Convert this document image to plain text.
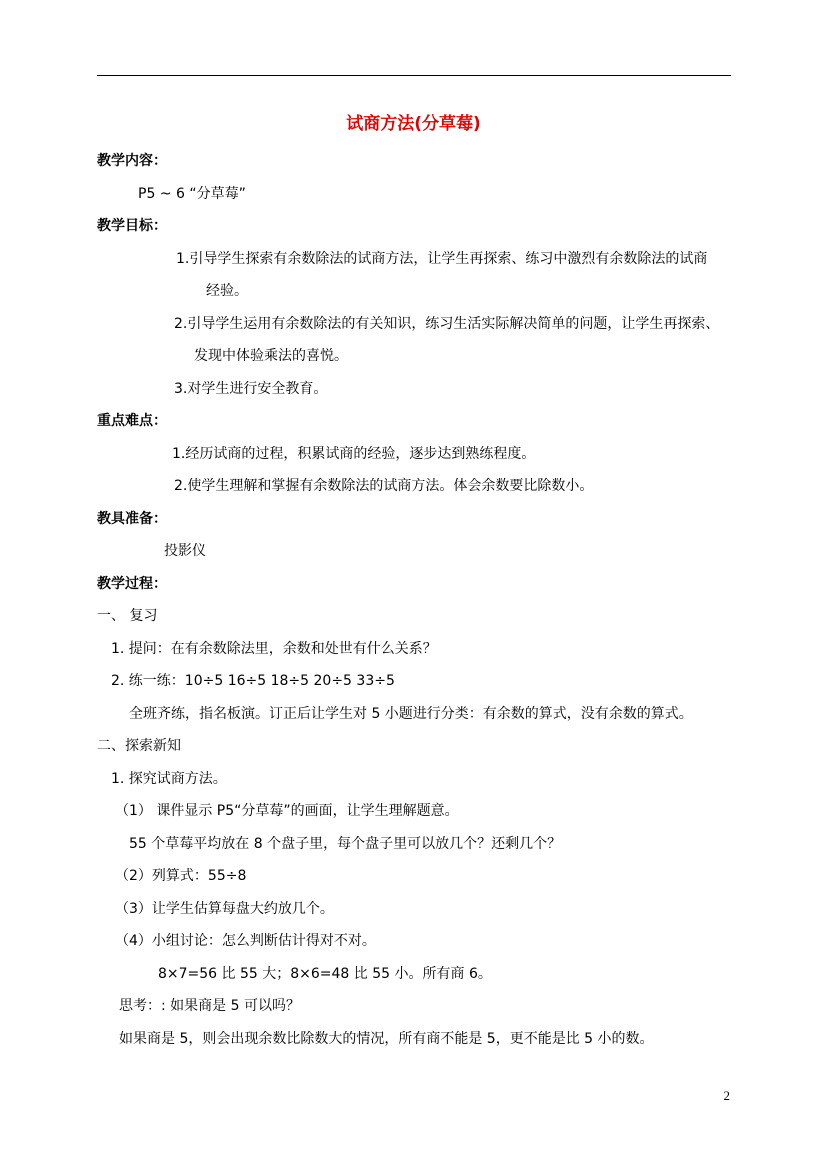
试商方法(分草莓)
教学内容：
P5 ~ 6 “分草莓”
教学目标：
1.引导学生探索有余数除法的试商方法，让学生再探索、练习中激烈有余数除法的试商
经验。
2.引导学生运用有余数除法的有关知识，练习生活实际解决简单的问题，让学生再探索、
发现中体验乘法的喜悦。
3.对学生进行安全教育。
重点难点：
1.经历试商的过程，积累试商的经验，逐步达到熟练程度。
2.使学生理解和掌握有余数除法的试商方法。体会余数要比除数小。
教具准备：
投影仪
教学过程：
一、 复习
1. 提问：在有余数除法里，余数和处世有什么关系？
2. 练一练：10÷5 16÷5 18÷5 20÷5 33÷5
全班齐练，指名板演。订正后让学生对 5 小题进行分类：有余数的算式，没有余数的算式。
二、探索新知
1. 探究试商方法。
（1） 课件显示 P5“分草莓”的画面，让学生理解题意。
55 个草莓平均放在 8 个盘子里，每个盘子里可以放几个？还剩几个？
（2）列算式：55÷8
（3）让学生估算每盘大约放几个。
（4）小组讨论：怎么判断估计得对不对。
8×7=56 比 55 大；8×6=48 比 55 小。所有商 6。
思考：: 如果商是 5 可以吗？
如果商是 5，则会出现余数比除数大的情况，所有商不能是 5，更不能是比 5 小的数。
2
